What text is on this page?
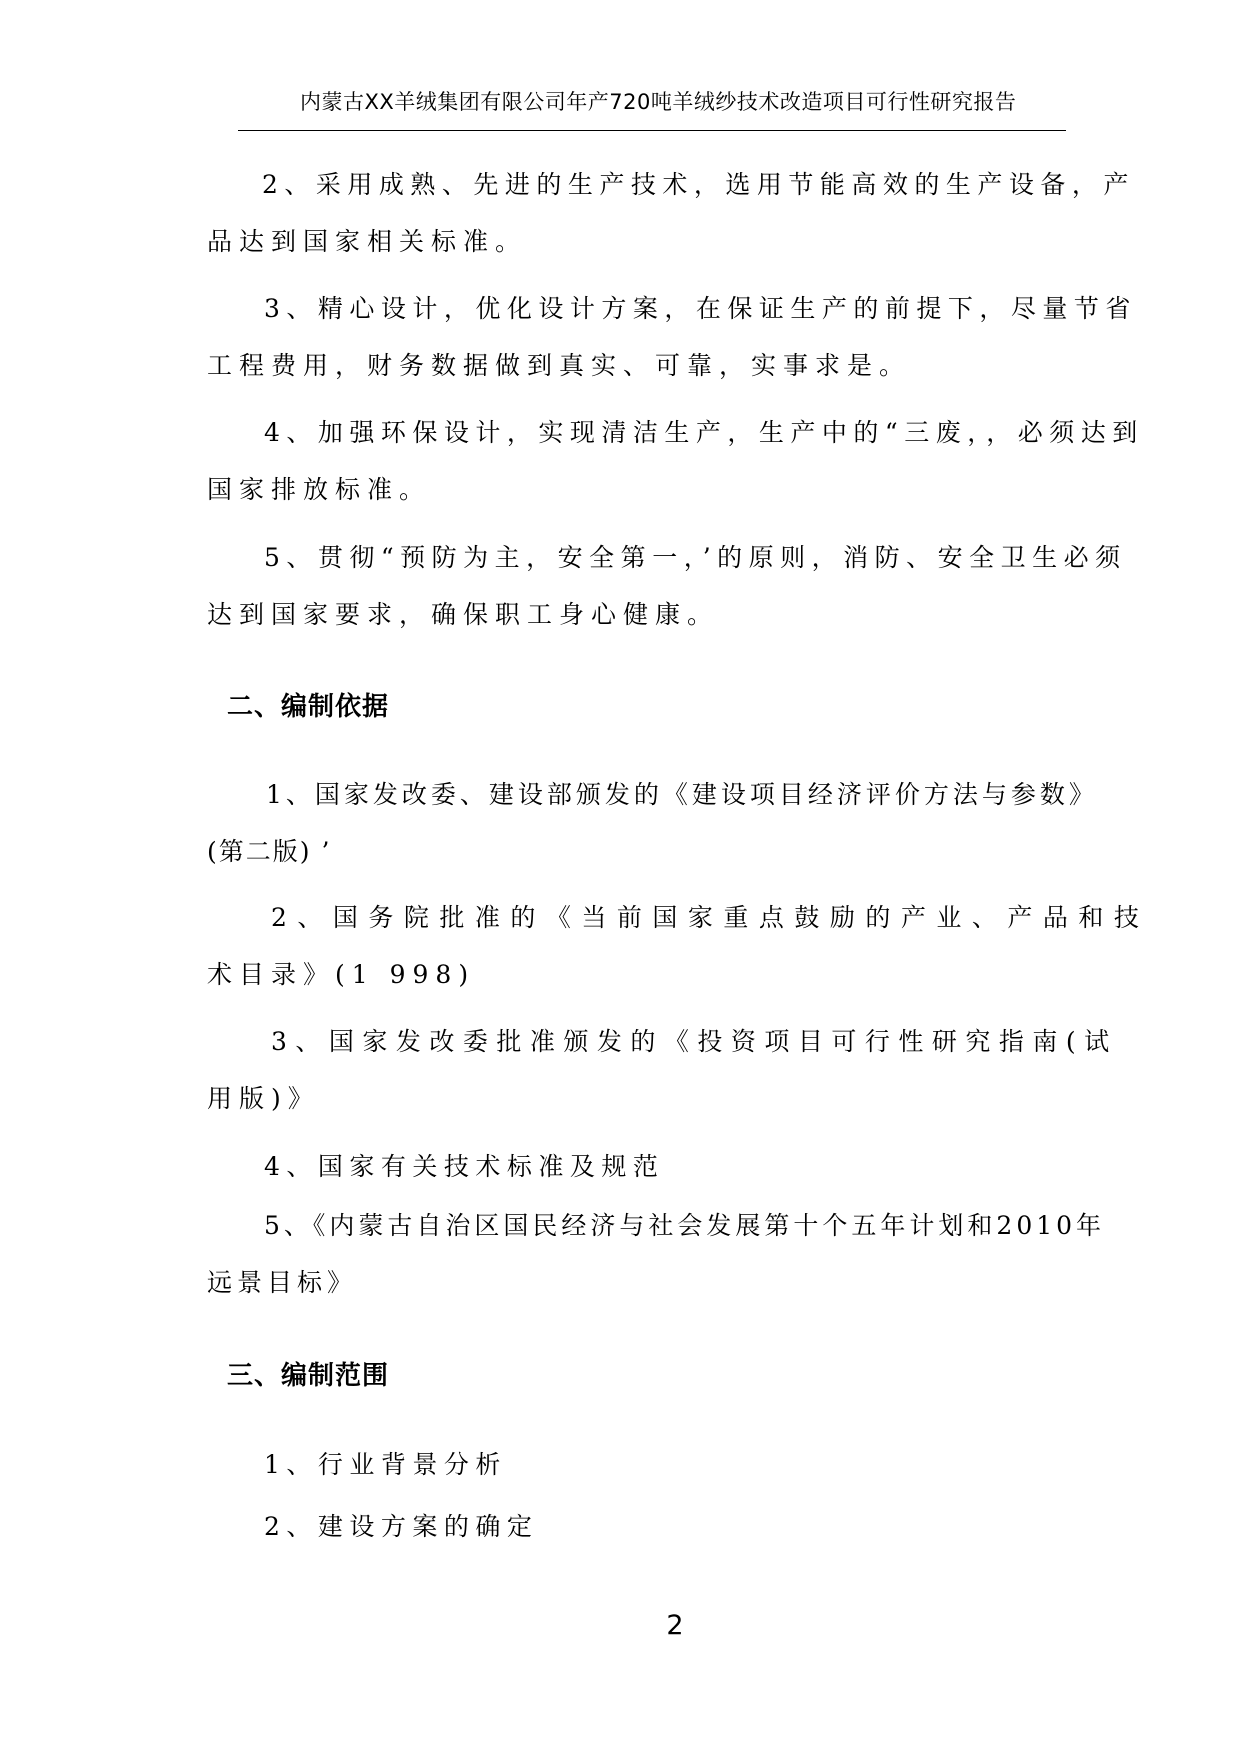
内蒙古XX羊绒集团有限公司年产720吨羊绒纱技术改造项目可行性研究报告
2、采用成熟、先进的生产技术，选用节能高效的生产设备，产
品达到国家相关标准。
3、精心设计，优化设计方案，在保证生产的前提下，尽量节省
工程费用，财务数据做到真实、可靠，实事求是。
4、加强环保设计，实现清洁生产，生产中的“三废，，必须达到
国家排放标准。
5、贯彻“预防为主，安全第一，’的原则，消防、安全卫生必须
达到国家要求，确保职工身心健康。
二、编制依据
1、国家发改委、建设部颁发的《建设项目经济评价方法与参数》
(第二版) ’
2、国务院批准的《当前国家重点鼓励的产业、产品和技
术目录》(1 998)
3、国家发改委批准颁发的《投资项目可行性研究指南(试
用版)》
4、国家有关技术标准及规范
5、《内蒙古自治区国民经济与社会发展第十个五年计划和2010年
远景目标》
三、编制范围
1、行业背景分析
2、建设方案的确定
2
